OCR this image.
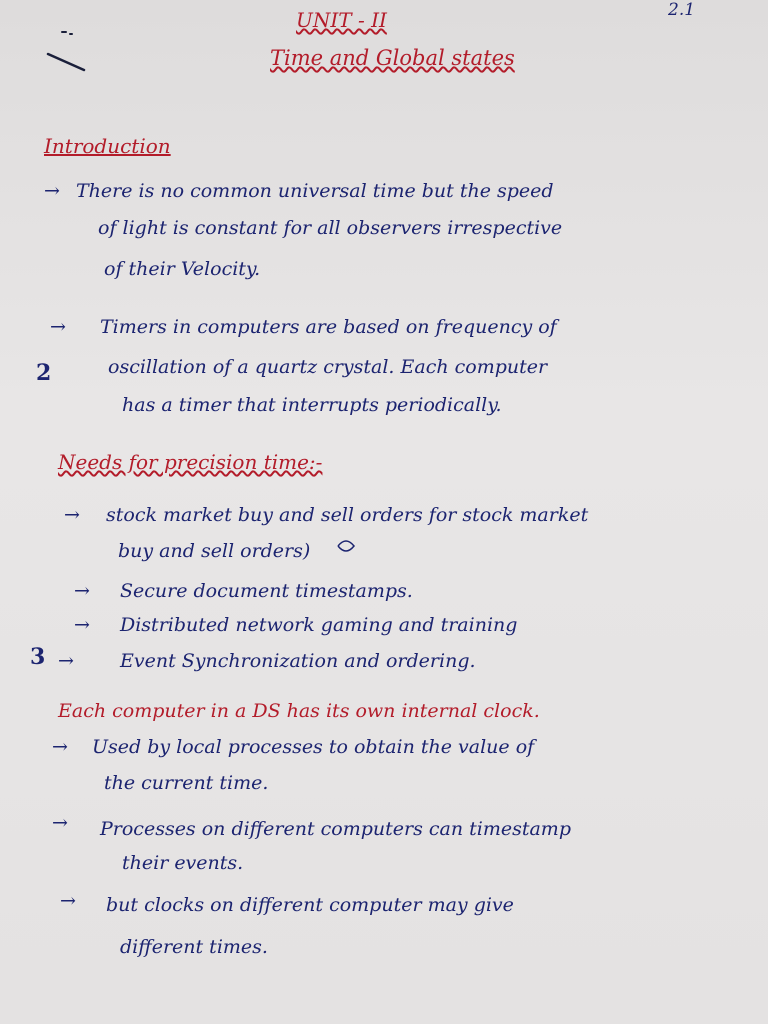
UNIT - II
Time and Global states
2.1
Introduction
→ There is no common universal time but the speed
of light is constant for all observers irrespective
of their Velocity.
→ Timers in computers are based on frequency of
oscillation of a quartz crystal. Each computer
has a timer that interrupts periodically.
2
Needs for precision time:-
→ stock market buy and sell orders for stock market
buy and sell orders)
→ Secure document timestamps.
→ Distributed network gaming and training
→ Event Synchronization and ordering.
3
Each computer in a DS has its own internal clock.
→ Used by local processes to obtain the value of
the current time.
→ Processes on different computers can timestamp
their events.
→ but clocks on different computer may give
different times.
